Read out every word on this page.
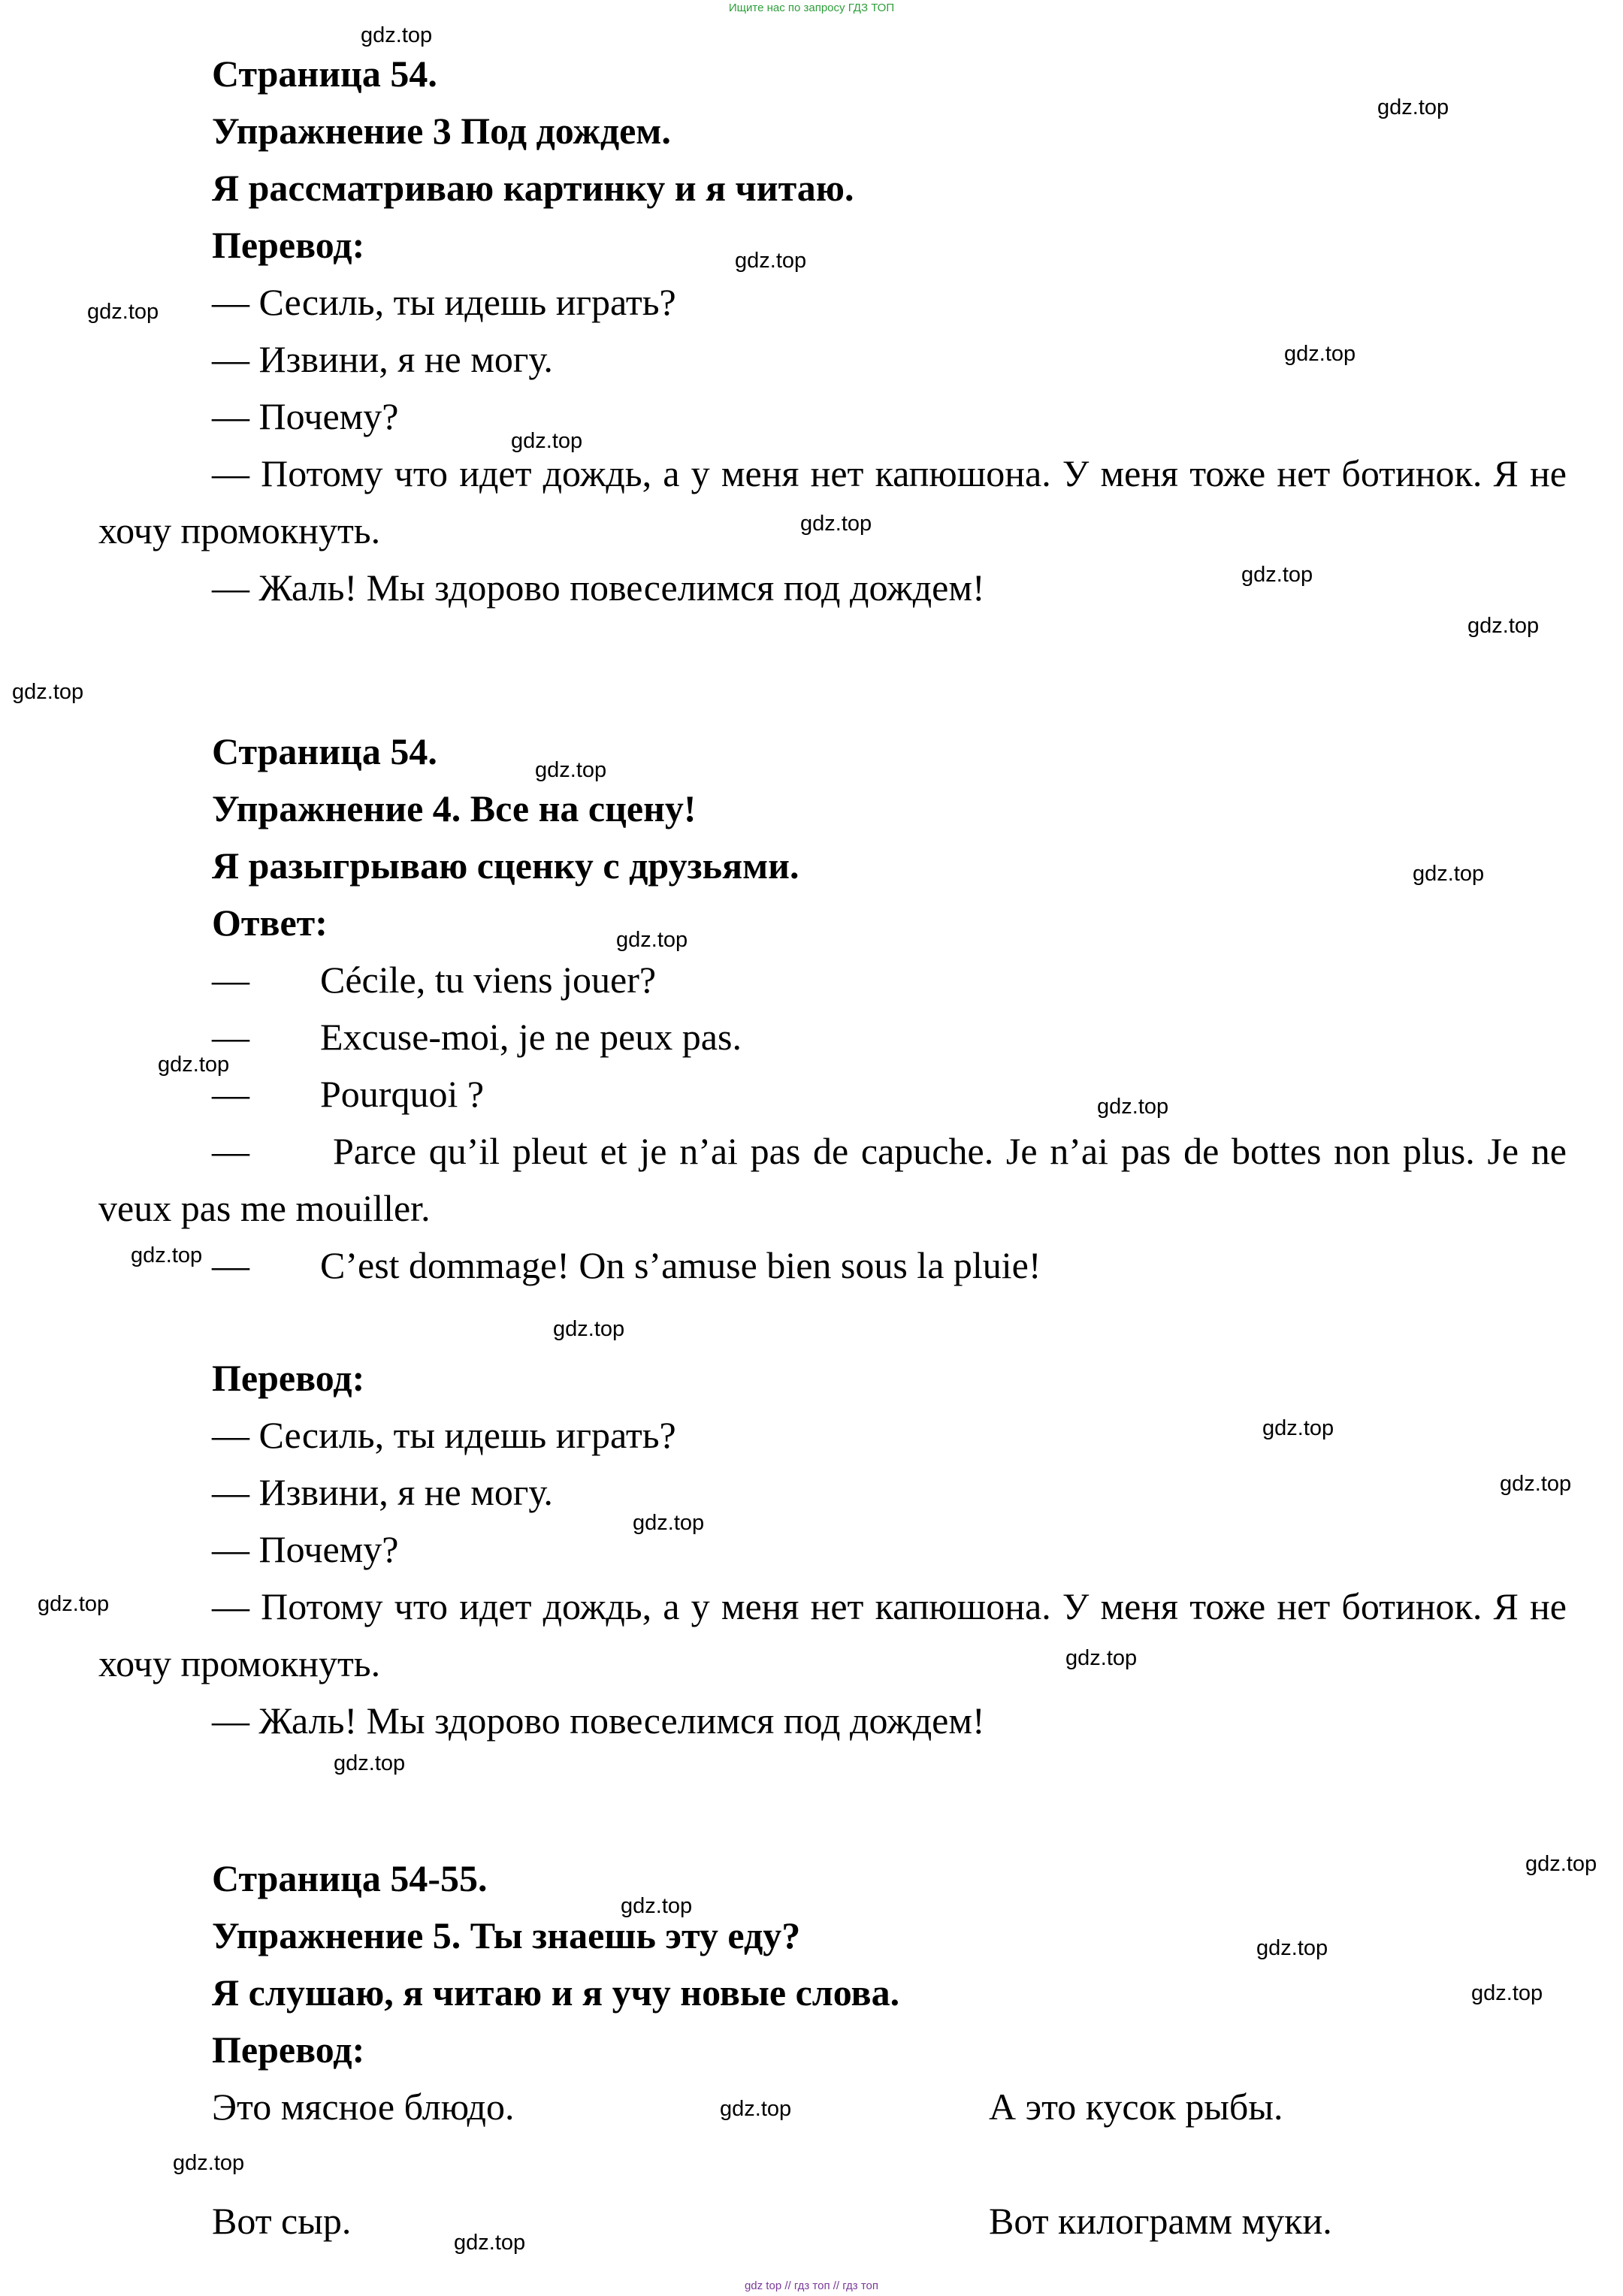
Ищите нас по запросу ГДЗ ТОП
Страница 54.
Упражнение 3 Под дождем.
Я рассматриваю картинку и я читаю.
Перевод:
— Сесиль, ты идешь играть?
— Извини, я не могу.
— Почему?
— Потому что идет дождь, а у меня нет капюшона. У меня тоже нет ботинок. Я не хочу промокнуть.
— Жаль! Мы здорово повеселимся под дождем!
Страница 54.
Упражнение 4. Все на сцену!
Я разыгрываю сценку с друзьями.
Ответ:
— Cécile, tu viens jouer?
— Excuse-moi, je ne peux pas.
— Pourquoi ?
—	Parce qu’il pleut et je n’ai pas de capuche. Je n’ai pas de bottes non plus. Je ne veux pas me mouiller.
— C’est dommage! On s’amuse bien sous la pluie!
Перевод:
— Сесиль, ты идешь играть?
— Извини, я не могу.
— Почему?
— Потому что идет дождь, а у меня нет капюшона. У меня тоже нет ботинок. Я не хочу промокнуть.
— Жаль! Мы здорово повеселимся под дождем!
Страница 54-55.
Упражнение 5. Ты знаешь эту еду?
Я слушаю, я читаю и я учу новые слова.
Перевод:
Это мясное блюдо.	А это кусок рыбы.
Вот сыр.	Вот килограмм муки.
gdz.top
gdz.top
gdz.top
gdz.top
gdz.top
gdz.top
gdz.top
gdz.top
gdz.top
gdz.top
gdz.top
gdz.top
gdz.top
gdz.top
gdz.top
gdz.top
gdz.top
gdz.top
gdz.top
gdz.top
gdz.top
gdz.top
gdz.top
gdz.top
gdz.top
gdz.top
gdz.top
gdz.top
gdz.top
gdz.top
gdz top // гдз топ // гдз топ
